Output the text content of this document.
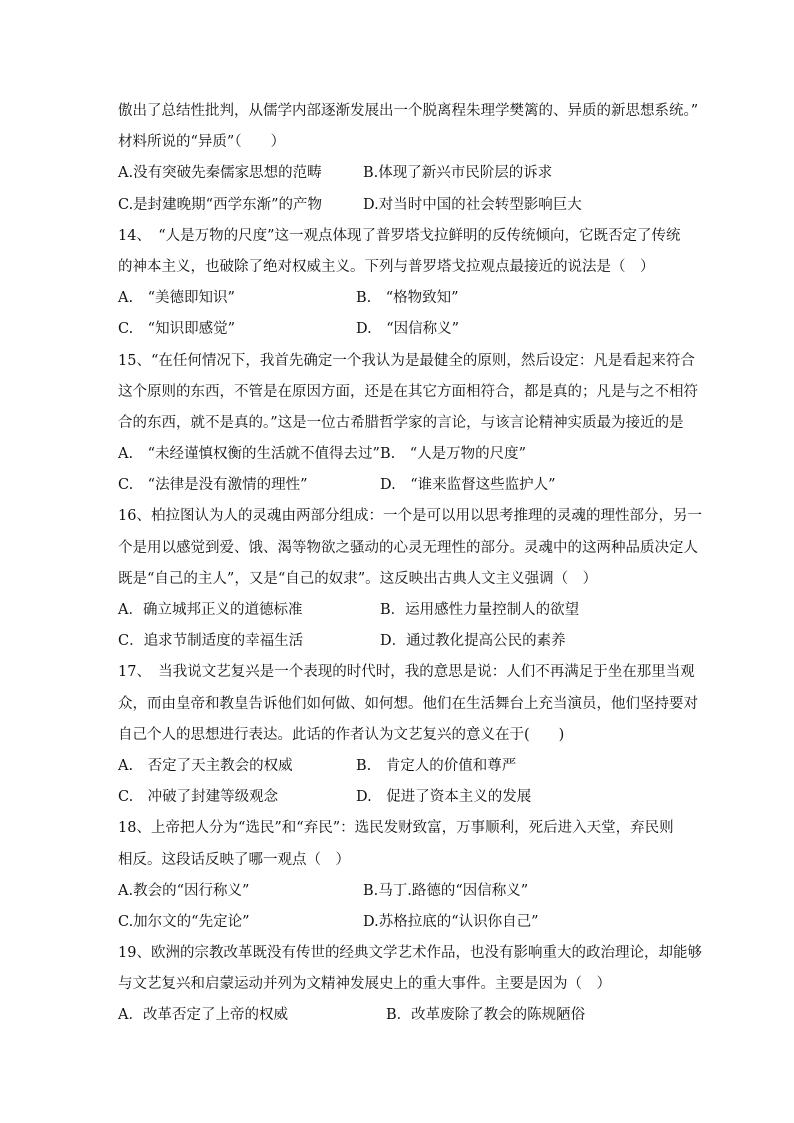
傲出了总结性批判，从儒学内部逐渐发展出一个脱离程朱理学樊篱的、异质的新思想系统。”
材料所说的“异质”（　　）
A.没有突破先秦儒家思想的范畴	B.体现了新兴市民阶层的诉求
C.是封建晚期“西学东渐”的产物	D.对当时中国的社会转型影响巨大
14、　“人是万物的尺度”这一观点体现了普罗塔戈拉鲜明的反传统倾向，它既否定了传统
的神本主义，也破除了绝对权威主义。下列与普罗塔戈拉观点最接近的说法是（　）
A.　“美德即知识”	B.　“格物致知”
C.　“知识即感觉”	D.　“因信称义”
15、“在任何情况下，我首先确定一个我认为是最健全的原则，然后设定：凡是看起来符合
这个原则的东西，不管是在原因方面，还是在其它方面相符合，都是真的；凡是与之不相符
合的东西，就不是真的。”这是一位古希腊哲学家的言论，与该言论精神实质最为接近的是
A.　“未经谨慎权衡的生活就不值得去过” B.　“人是万物的尺度”
C.　“法律是没有激情的理性”	D.　“谁来监督这些监护人”
16、柏拉图认为人的灵魂由两部分组成：一个是可以用以思考推理的灵魂的理性部分，另一
个是用以感觉到爱、饿、渴等物欲之骚动的心灵无理性的部分。灵魂中的这两种品质决定人
既是“自己的主人”，又是“自己的奴隶”。这反映出古典人文主义强调（　）
A．确立城邦正义的道德标准	B．运用感性力量控制人的欲望
C．追求节制适度的幸福生活	D．通过教化提高公民的素养
17、　当我说文艺复兴是一个表现的时代时，我的意思是说：人们不再满足于坐在那里当观
众，而由皇帝和教皇告诉他们如何做、如何想。他们在生活舞台上充当演员，他们坚持要对
自己个人的思想进行表达。此话的作者认为文艺复兴的意义在于(　　)
A.　否定了天主教会的权威	B.　肯定人的价值和尊严
C.　冲破了封建等级观念	D.　促进了资本主义的发展
18、上帝把人分为“选民”和“弃民”：选民发财致富，万事顺利，死后进入天堂，弃民则
相反。这段话反映了哪一观点（　）
A.教会的“因行称义”	B.马丁.路德的“因信称义”
C.加尔文的“先定论”	D.苏格拉底的“认识你自己”
19、欧洲的宗教改革既没有传世的经典文学艺术作品，也没有影响重大的政治理论，却能够
与文艺复兴和启蒙运动并列为文精神发展史上的重大事件。主要是因为（　）
A．改革否定了上帝的权威	B．改革废除了教会的陈规陋俗
